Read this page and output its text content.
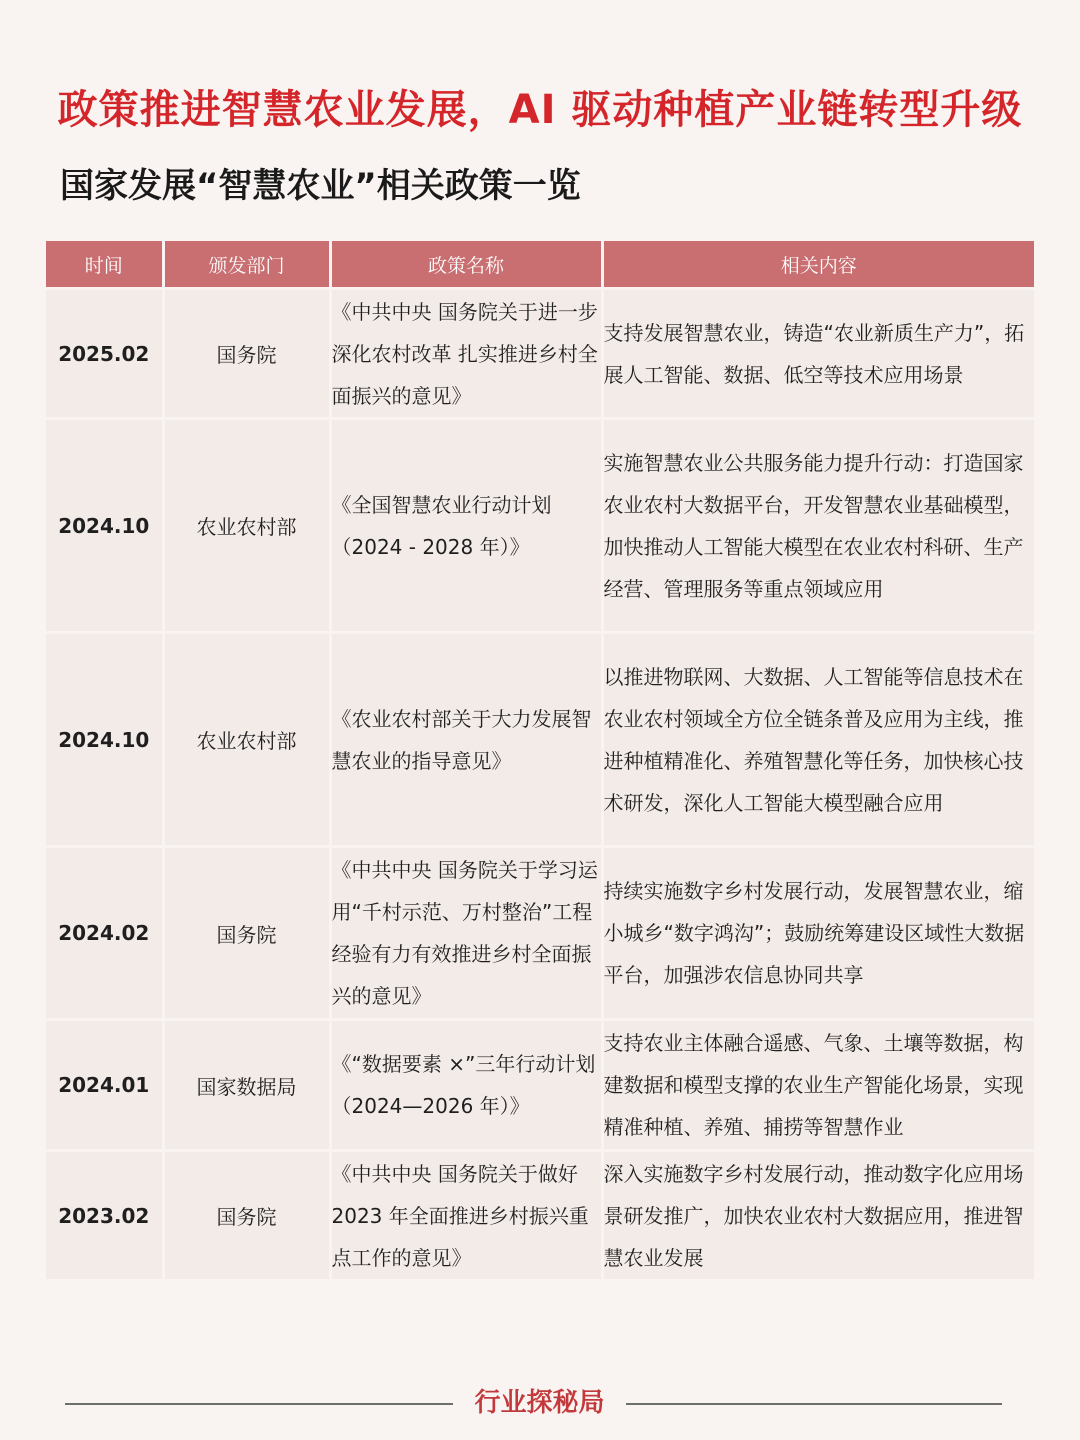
政策推进智慧农业发展，AI 驱动种植产业链转型升级
国家发展“智慧农业”相关政策一览
时间	颁发部门	政策名称	相关内容
2025.02	国务院	《中共中央 国务院关于进一步深化农村改革 扎实推进乡村全面振兴的意见》	支持发展智慧农业，铸造“农业新质生产力”，拓展人工智能、数据、低空等技术应用场景
2024.10	农业农村部	《全国智慧农业行动计划（2024 - 2028 年）》	实施智慧农业公共服务能力提升行动：打造国家农业农村大数据平台，开发智慧农业基础模型，加快推动人工智能大模型在农业农村科研、生产经营、管理服务等重点领域应用
2024.10	农业农村部	《农业农村部关于大力发展智慧农业的指导意见》	以推进物联网、大数据、人工智能等信息技术在农业农村领域全方位全链条普及应用为主线，推进种植精准化、养殖智慧化等任务，加快核心技术研发，深化人工智能大模型融合应用
2024.02	国务院	《中共中央 国务院关于学习运用“千村示范、万村整治”工程经验有力有效推进乡村全面振兴的意见》	持续实施数字乡村发展行动，发展智慧农业，缩小城乡“数字鸿沟”；鼓励统筹建设区域性大数据平台，加强涉农信息协同共享
2024.01	国家数据局	《“数据要素 ×”三年行动计划（2024—2026 年）》	支持农业主体融合遥感、气象、土壤等数据，构建数据和模型支撑的农业生产智能化场景，实现精准种植、养殖、捕捞等智慧作业
2023.02	国务院	《中共中央 国务院关于做好 2023 年全面推进乡村振兴重点工作的意见》	深入实施数字乡村发展行动，推动数字化应用场景研发推广，加快农业农村大数据应用，推进智慧农业发展
行业探秘局
